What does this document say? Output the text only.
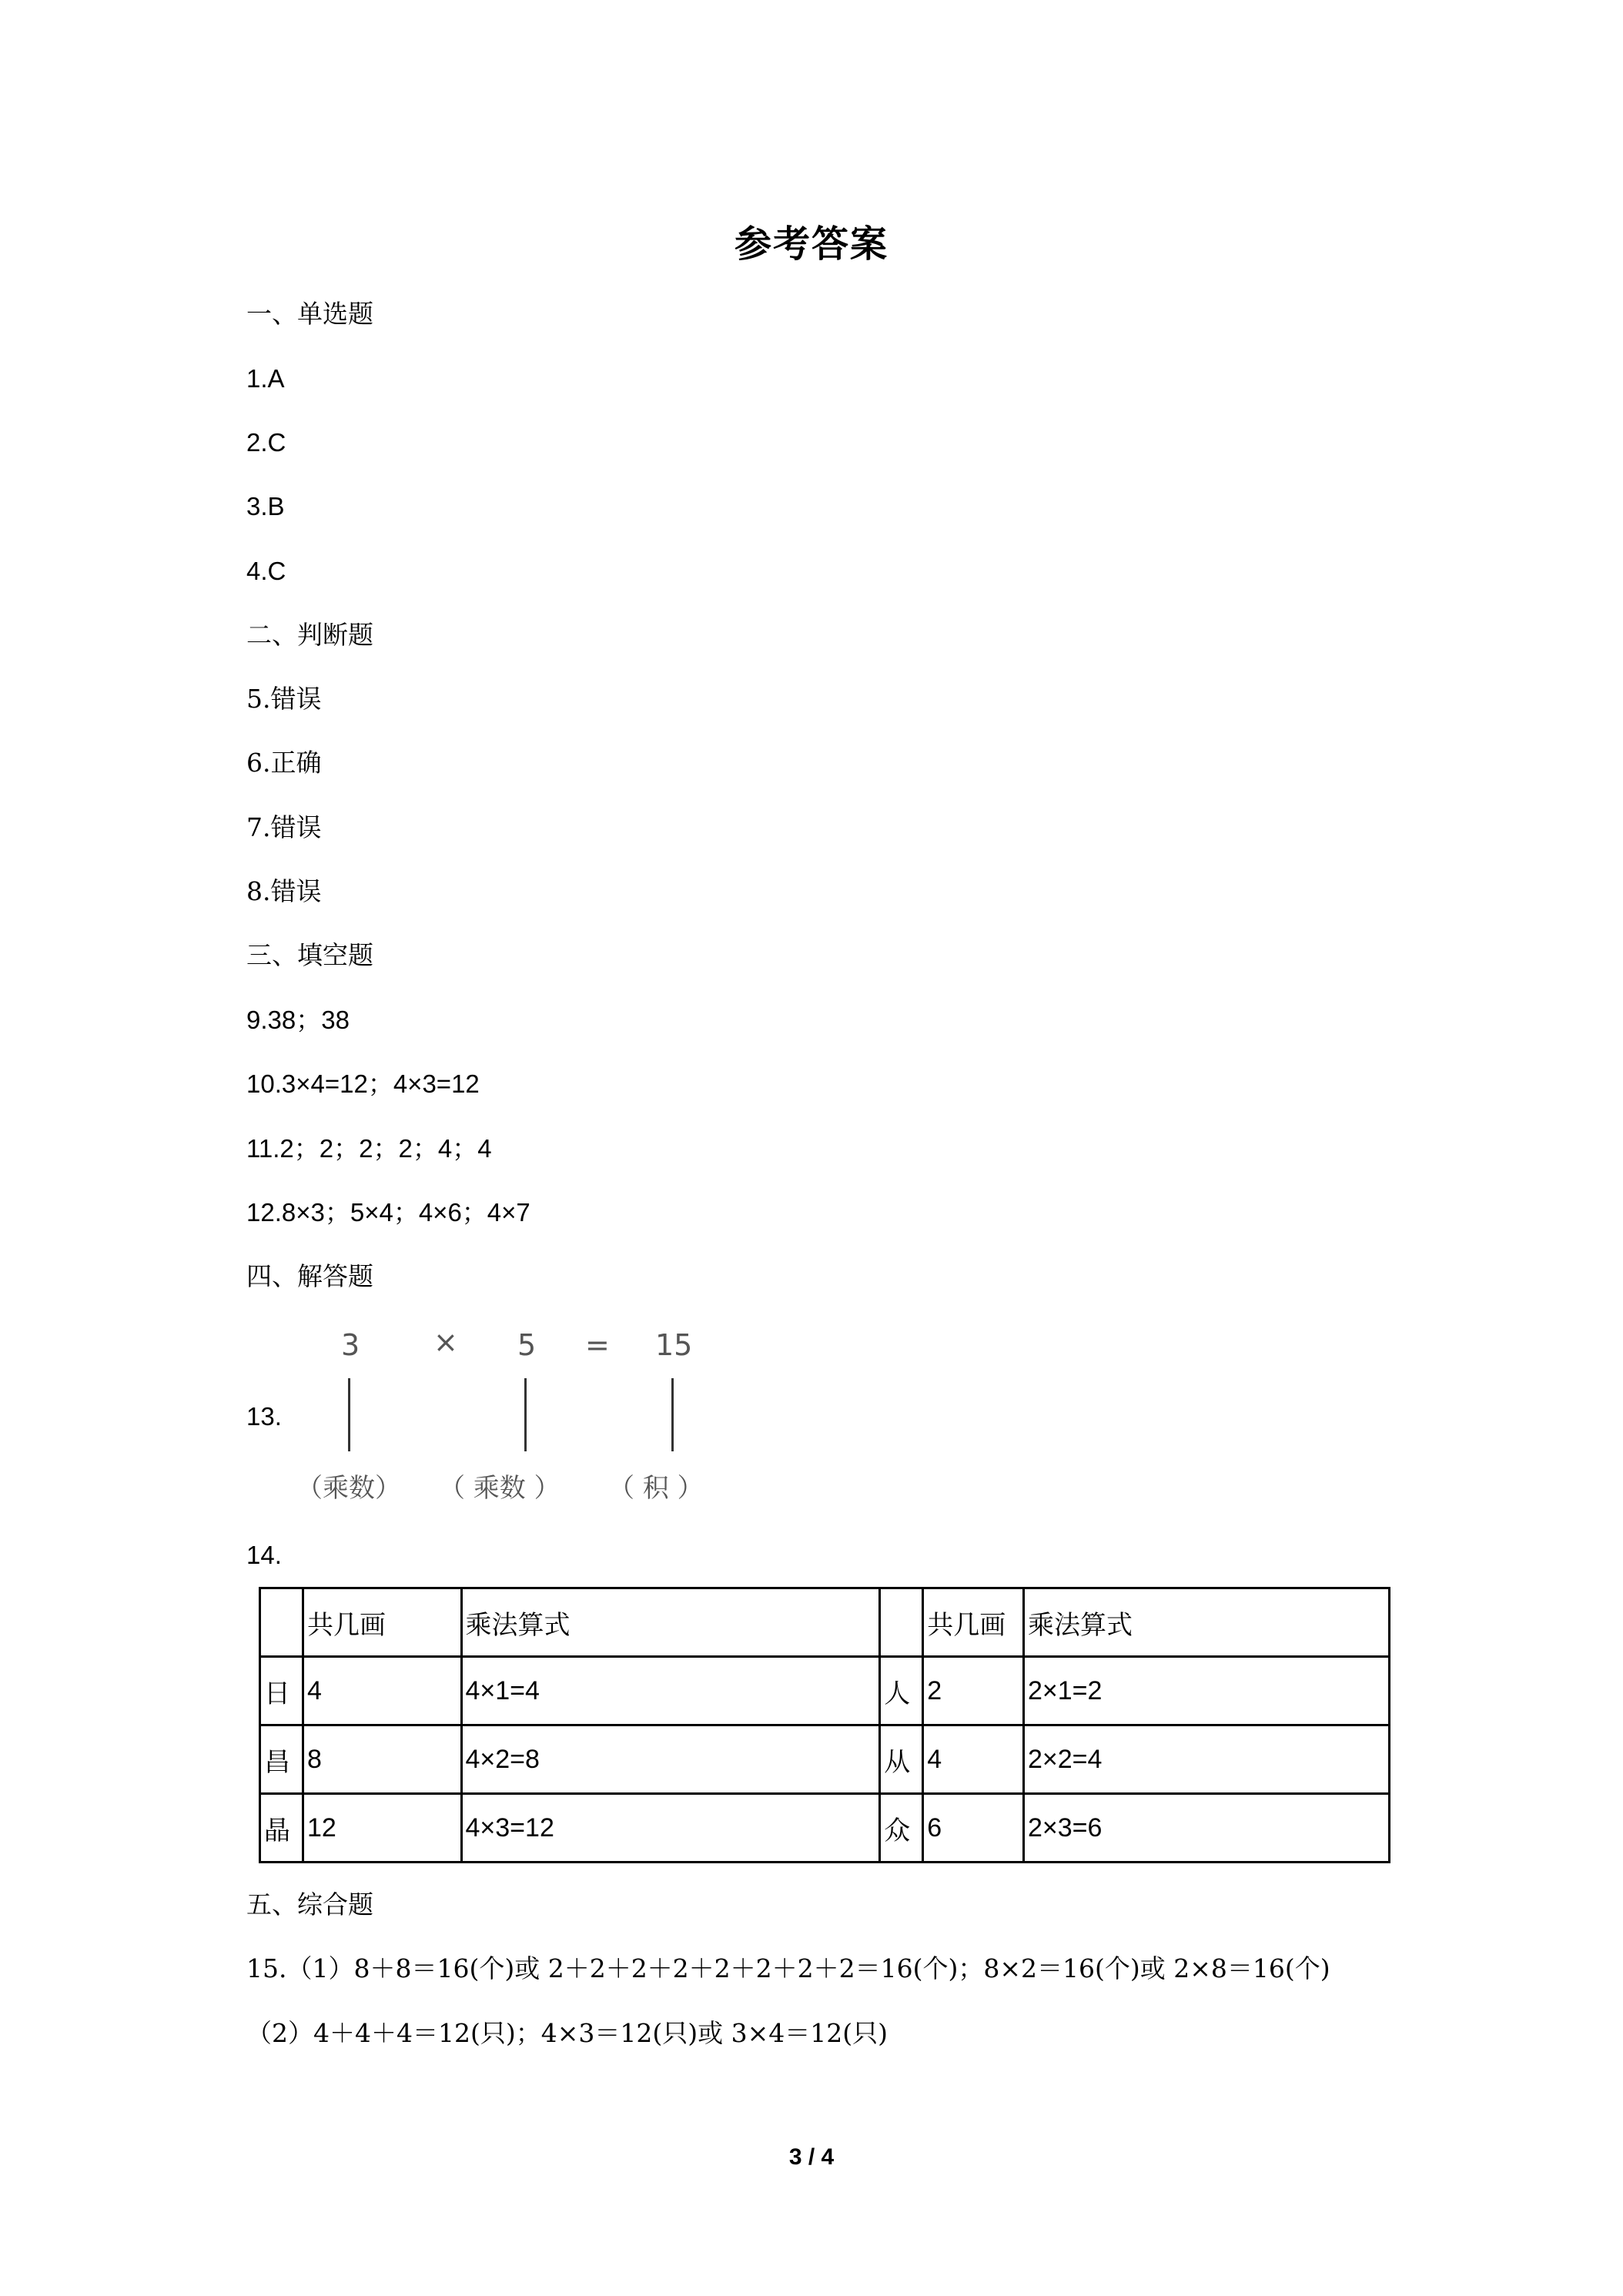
参考答案
一、单选题
1.A
2.C
3.B
4.C
二、判断题
5.错误
6.正确
7.错误
8.错误
三、填空题
9.38；38
10.3×4=12；4×3=12
11.2；2；2；2；4；4
12.8×3；5×4；4×6；4×7
四、解答题
13.
3	× 5 = 15
（乘数） （ 乘数 ） （ 积 ）
14.
	共几画	乘法算式		共几画	乘法算式
日	4	4×1=4	人	2	2×1=2
昌	8	4×2=8	从	4	2×2=4
晶	12	4×3=12	众	6	2×3=6
五、综合题
15.（1）8＋8＝16(个)或 2＋2＋2＋2＋2＋2＋2＋2＝16(个)；8×2＝16(个)或 2×8＝16(个)
（2）4＋4＋4＝12(只)；4×3＝12(只)或 3×4＝12(只)
3 / 4
